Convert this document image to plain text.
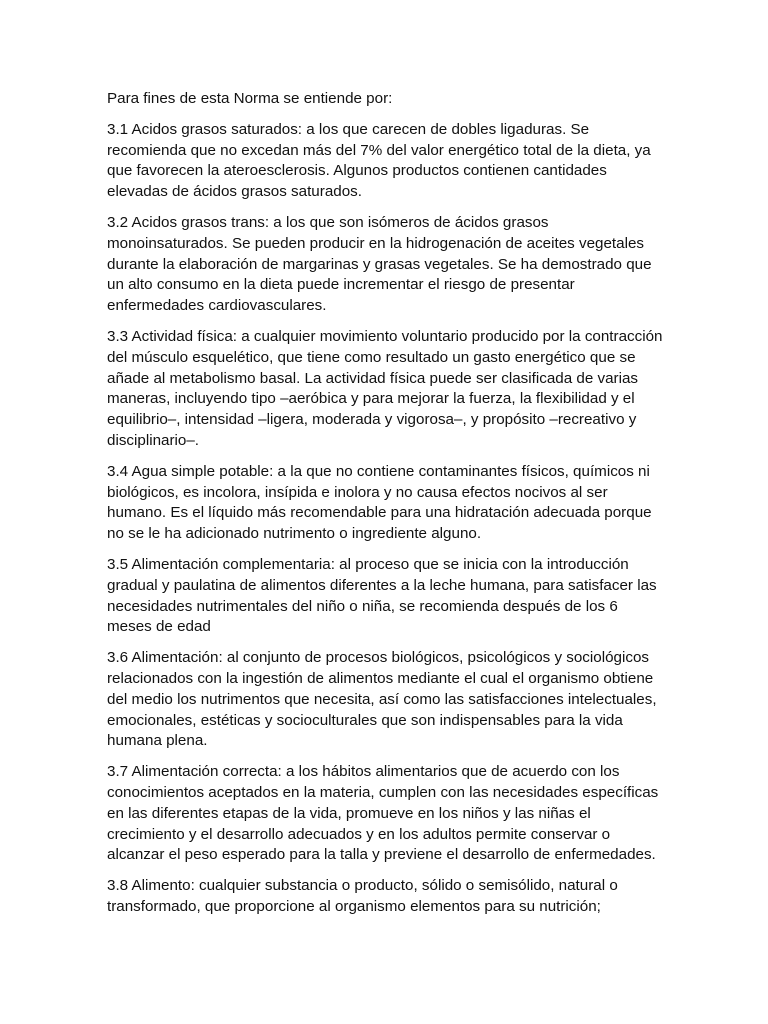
Para fines de esta Norma se entiende por:

3.1 Acidos grasos saturados: a los que carecen de dobles ligaduras. Se recomienda que no excedan más del 7% del valor energético total de la dieta, ya que favorecen la ateroesclerosis. Algunos productos contienen cantidades elevadas de ácidos grasos saturados.

3.2 Acidos grasos trans: a los que son isómeros de ácidos grasos monoinsaturados. Se pueden producir en la hidrogenación de aceites vegetales durante la elaboración de margarinas y grasas vegetales. Se ha demostrado que un alto consumo en la dieta puede incrementar el riesgo de presentar enfermedades cardiovasculares.

3.3 Actividad física: a cualquier movimiento voluntario producido por la contracción del músculo esquelético, que tiene como resultado un gasto energético que se añade al metabolismo basal. La actividad física puede ser clasificada de varias maneras, incluyendo tipo –aeróbica y para mejorar la fuerza, la flexibilidad y el equilibrio–, intensidad –ligera, moderada y vigorosa–, y propósito –recreativo y disciplinario–.

3.4 Agua simple potable: a la que no contiene contaminantes físicos, químicos ni biológicos, es incolora, insípida e inolora y no causa efectos nocivos al ser humano. Es el líquido más recomendable para una hidratación adecuada porque no se le ha adicionado nutrimento o ingrediente alguno.

3.5 Alimentación complementaria: al proceso que se inicia con la introducción gradual y paulatina de alimentos diferentes a la leche humana, para satisfacer las necesidades nutrimentales del niño o niña, se recomienda después de los 6 meses de edad

3.6 Alimentación: al conjunto de procesos biológicos, psicológicos y sociológicos relacionados con la ingestión de alimentos mediante el cual el organismo obtiene del medio los nutrimentos que necesita, así como las satisfacciones intelectuales, emocionales, estéticas y socioculturales que son indispensables para la vida humana plena.

3.7 Alimentación correcta: a los hábitos alimentarios que de acuerdo con los conocimientos aceptados en la materia, cumplen con las necesidades específicas en las diferentes etapas de la vida, promueve en los niños y las niñas el crecimiento y el desarrollo adecuados y en los adultos permite conservar o alcanzar el peso esperado para la talla y previene el desarrollo de enfermedades.

3.8 Alimento: cualquier substancia o producto, sólido o semisólido, natural o transformado, que proporcione al organismo elementos para su nutrición;
